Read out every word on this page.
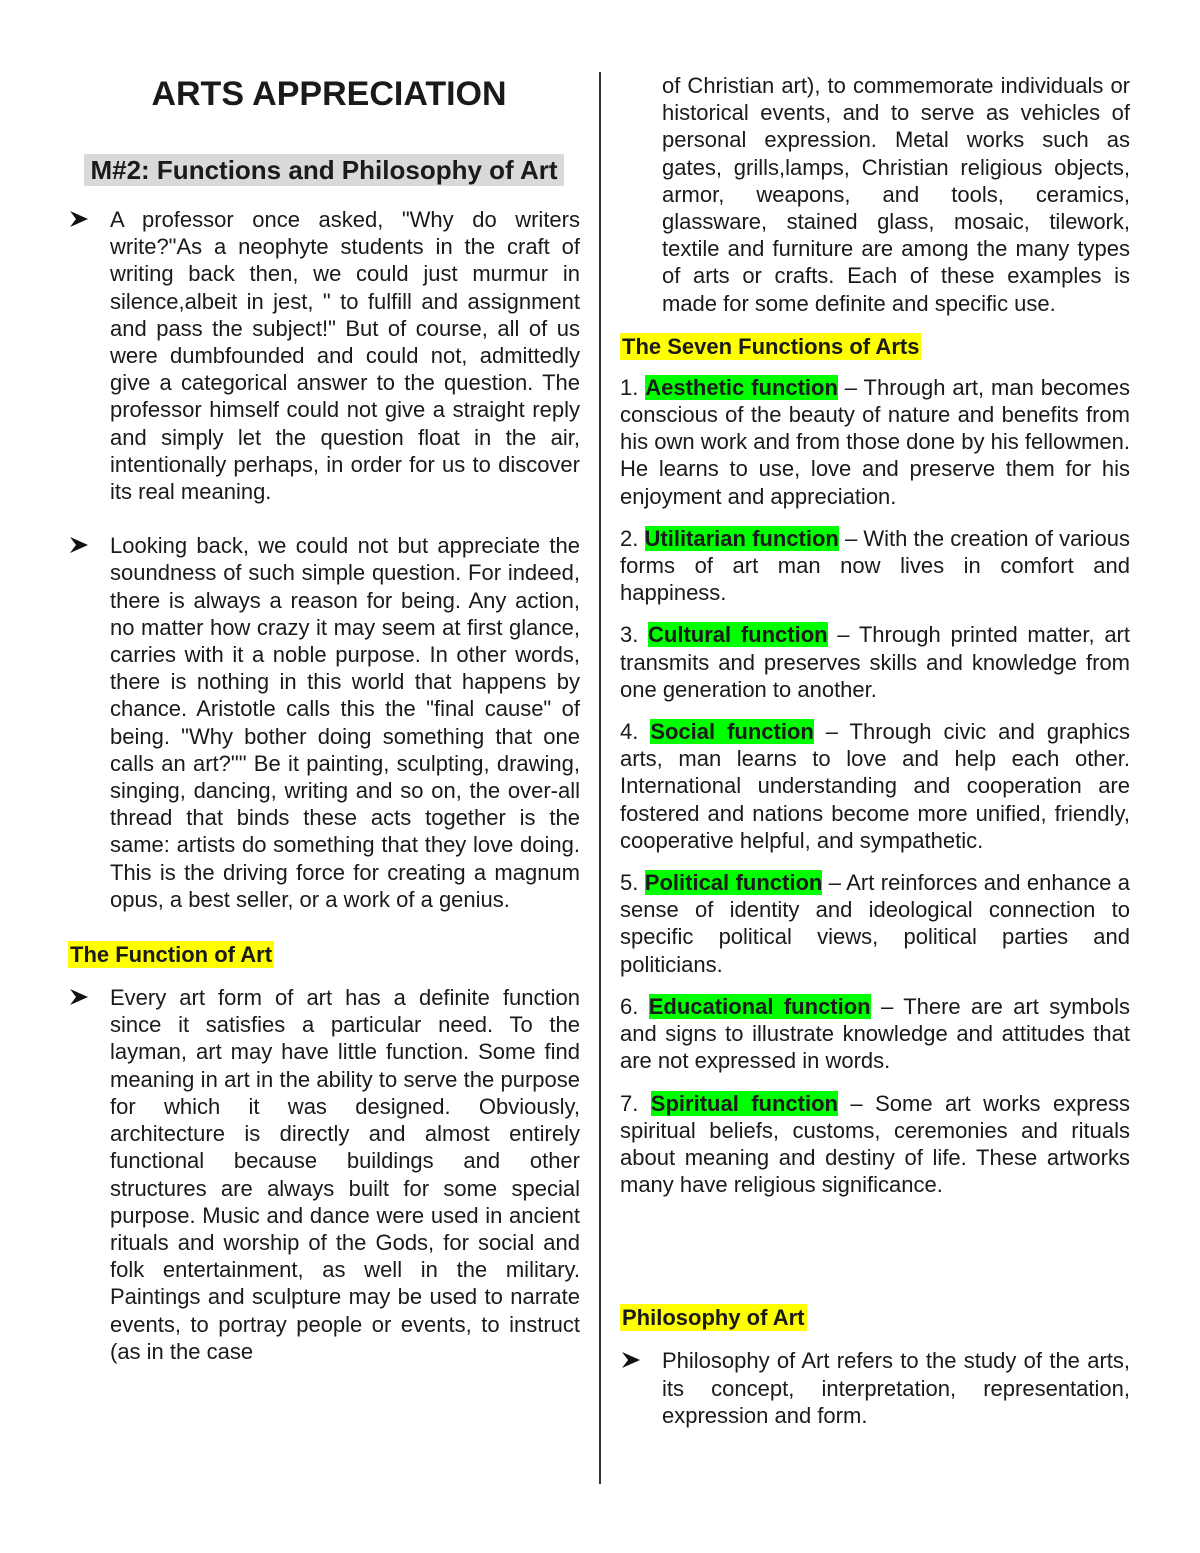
ARTS APPRECIATION
M#2: Functions and Philosophy of Art
A professor once asked, "Why do writers write?"As a neophyte students in the craft of writing back then, we could just murmur in silence,albeit in jest, " to fulfill and assignment and pass the subject!" But of course, all of us were dumbfounded and could not, admittedly give a categorical answer to the question. The professor himself could not give a straight reply and simply let the question float in the air, intentionally perhaps, in order for us to discover its real meaning.
Looking back, we could not but appreciate the soundness of such simple question. For indeed, there is always a reason for being. Any action, no matter how crazy it may seem at first glance, carries with it a noble purpose. In other words, there is nothing in this world that happens by chance. Aristotle calls this the "final cause" of being. "Why bother doing something that one calls an art?"" Be it painting, sculpting, drawing, singing, dancing, writing and so on, the over-all thread that binds these acts together is the same: artists do something that they love doing. This is the driving force for creating a magnum opus, a best seller, or a work of a genius.
The Function of Art
Every art form of art has a definite function since it satisfies a particular need. To the layman, art may have little function. Some find meaning in art in the ability to serve the purpose for which it was designed. Obviously, architecture is directly and almost entirely functional because buildings and other structures are always built for some special purpose. Music and dance were used in ancient rituals and worship of the Gods, for social and folk entertainment, as well in the military. Paintings and sculpture may be used to narrate events, to portray people or events, to instruct (as in the case

of Christian art), to commemorate individuals or historical events, and to serve as vehicles of personal expression. Metal works such as gates, grills,lamps, Christian religious objects, armor, weapons, and tools, ceramics, glassware, stained glass, mosaic, tilework, textile and furniture are among the many types of arts or crafts. Each of these examples is made for some definite and specific use.

The Seven Functions of Arts

1. Aesthetic function – Through art, man becomes conscious of the beauty of nature and benefits from his own work and from those done by his fellowmen. He learns to use, love and preserve them for his enjoyment and appreciation.

2. Utilitarian function – With the creation of various forms of art man now lives in comfort and happiness.

3. Cultural function – Through printed matter, art transmits and preserves skills and knowledge from one generation to another.

4. Social function – Through civic and graphics arts, man learns to love and help each other. International understanding and cooperation are fostered and nations become more unified, friendly, cooperative helpful, and sympathetic.

5. Political function – Art reinforces and enhance a sense of identity and ideological connection to specific political views, political parties and politicians.

6. Educational function – There are art symbols and signs to illustrate knowledge and attitudes that are not expressed in words.

7. Spiritual function – Some art works express spiritual beliefs, customs, ceremonies and rituals about meaning and destiny of life. These artworks many have religious significance.

Philosophy of Art
Philosophy of Art refers to the study of the arts, its concept, interpretation, representation, expression and form.
